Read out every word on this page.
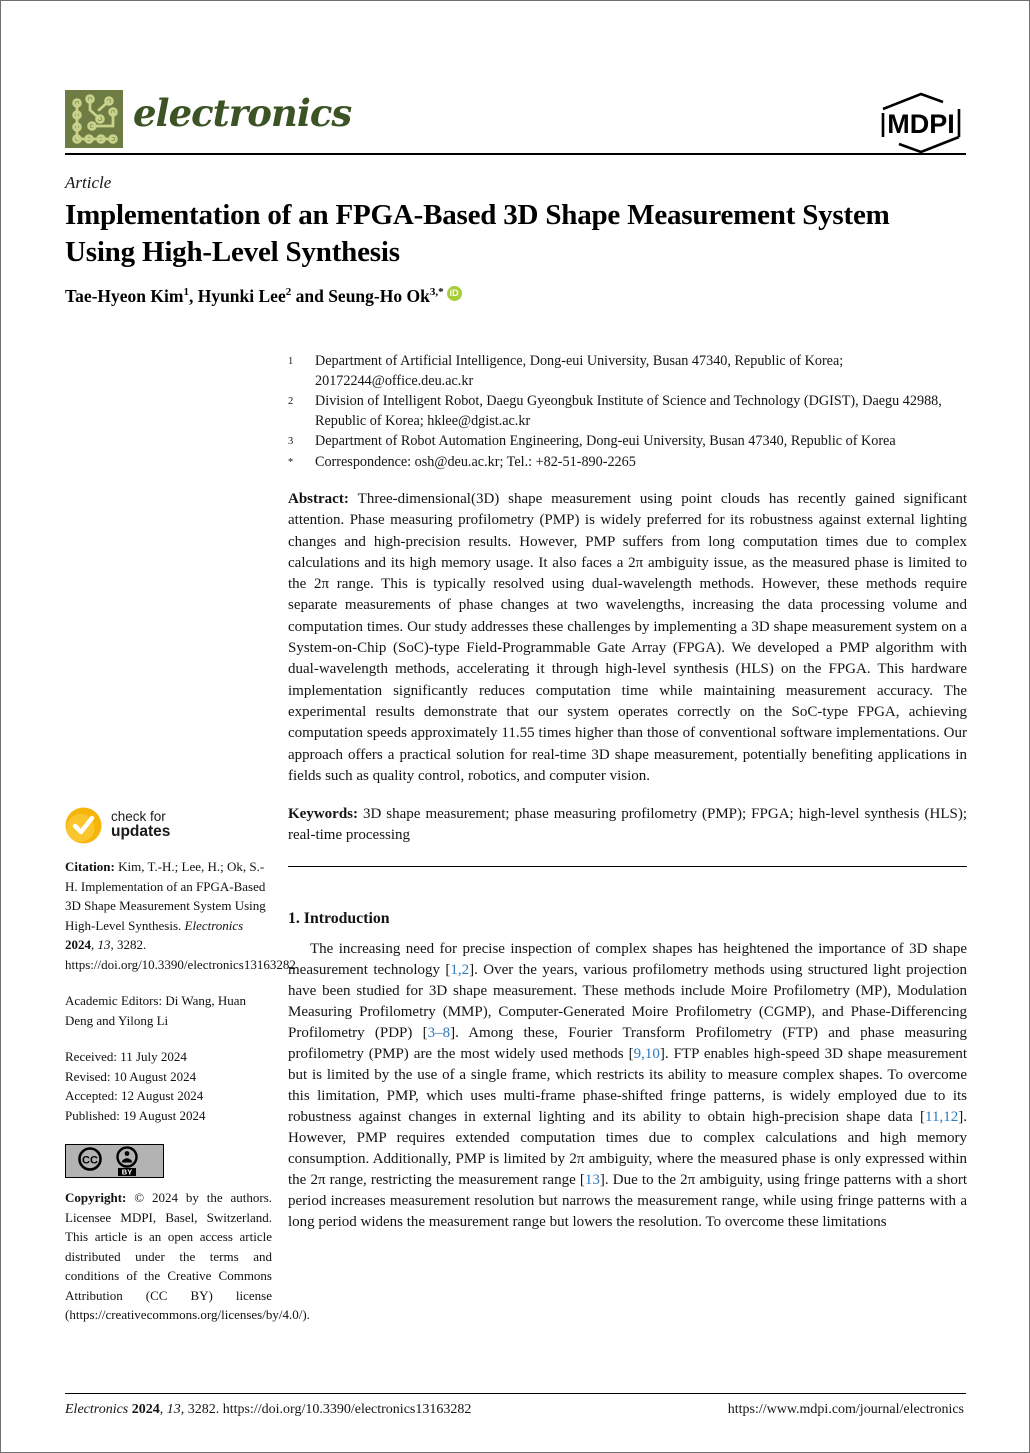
electronics	MDPI
Article
Implementation of an FPGA-Based 3D Shape Measurement System Using High-Level Synthesis
Tae-Hyeon Kim$^1$, Hyunki Lee$^2$ and Seung-Ho $Ok^{3,*}$ iD
1	Department of Artificial Intelligence, Dong-eui University, Busan 47340, Republic of Korea; 20172244@office.deu.ac.kr
2	Division of Intelligent Robot, Daegu Gyeongbuk Institute of Science and Technology (DGIST), Daegu 42988, Republic of Korea; hklee@dgist.ac.kr
3	Department of Robot Automation Engineering, Dong-eui University, Busan 47340, Republic of Korea
*	Correspondence: osh@deu.ac.kr; Tel.: +82-51-890-2265

Abstract: Three-dimensional(3D) shape measurement using point clouds has recently gained significant attention. Phase measuring profilometry (PMP) is widely preferred for its robustness against external lighting changes and high-precision results. However, PMP suffers from long computation times due to complex calculations and its high memory usage. It also faces a 2π ambiguity issue, as the measured phase is limited to the 2π range. This is typically resolved using dual-wavelength methods. However, these methods require separate measurements of phase changes at two wavelengths, increasing the data processing volume and computation times. Our study addresses these challenges by implementing a 3D shape measurement system on a System-on-Chip (SoC)-type Field-Programmable Gate Array (FPGA). We developed a PMP algorithm with dual-wavelength methods, accelerating it through high-level synthesis (HLS) on the FPGA. This hardware implementation significantly reduces computation time while maintaining measurement accuracy. The experimental results demonstrate that our system operates correctly on the SoC-type FPGA, achieving computation speeds approximately 11.55 times higher than those of conventional software implementations. Our approach offers a practical solution for real-time 3D shape measurement, potentially benefiting applications in fields such as quality control, robotics, and computer vision.

Keywords: 3D shape measurement; phase measuring profilometry (PMP); FPGA; high-level synthesis (HLS); real-time processing

1. Introduction

The increasing need for precise inspection of complex shapes has heightened the importance of 3D shape measurement technology [1,2]. Over the years, various profilometry methods using structured light projection have been studied for 3D shape measurement. These methods include Moire Profilometry (MP), Modulation Measuring Profilometry (MMP), Computer-Generated Moire Profilometry (CGMP), and Phase-Differencing Profilometry (PDP) [3–8]. Among these, Fourier Transform Profilometry (FTP) and phase measuring profilometry (PMP) are the most widely used methods [9,10]. FTP enables high-speed 3D shape measurement but is limited by the use of a single frame, which restricts its ability to measure complex shapes. To overcome this limitation, PMP, which uses multi-frame phase-shifted fringe patterns, is widely employed due to its robustness against changes in external lighting and its ability to obtain high-precision shape data [11,12]. However, PMP requires extended computation times due to complex calculations and high memory consumption. Additionally, PMP is limited by 2π ambiguity, where the measured phase is only expressed within the 2π range, restricting the measurement range [13]. Due to the 2π ambiguity, using fringe patterns with a short period increases measurement resolution but narrows the measurement range, while using fringe patterns with a long period widens the measurement range but lowers the resolution. To overcome these limitations

check for
updates

Citation: Kim, T.-H.; Lee, H.; Ok, S.-H. Implementation of an FPGA-Based 3D Shape Measurement System Using High-Level Synthesis. Electronics 2024, 13, 3282. https://doi.org/10.3390/electronics13163282

Academic Editors: Di Wang, Huan Deng and Yilong Li

Received: 11 July 2024
Revised: 10 August 2024
Accepted: 12 August 2024
Published: 19 August 2024
CC
BY

Copyright: © 2024 by the authors. Licensee MDPI, Basel, Switzerland. This article is an open access article distributed under the terms and conditions of the Creative Commons Attribution (CC BY) license (https://creativecommons.org/licenses/by/4.0/).

Electronics 2024, 13, 3282. https://doi.org/10.3390/electronics13163282	https://www.mdpi.com/journal/electronics
